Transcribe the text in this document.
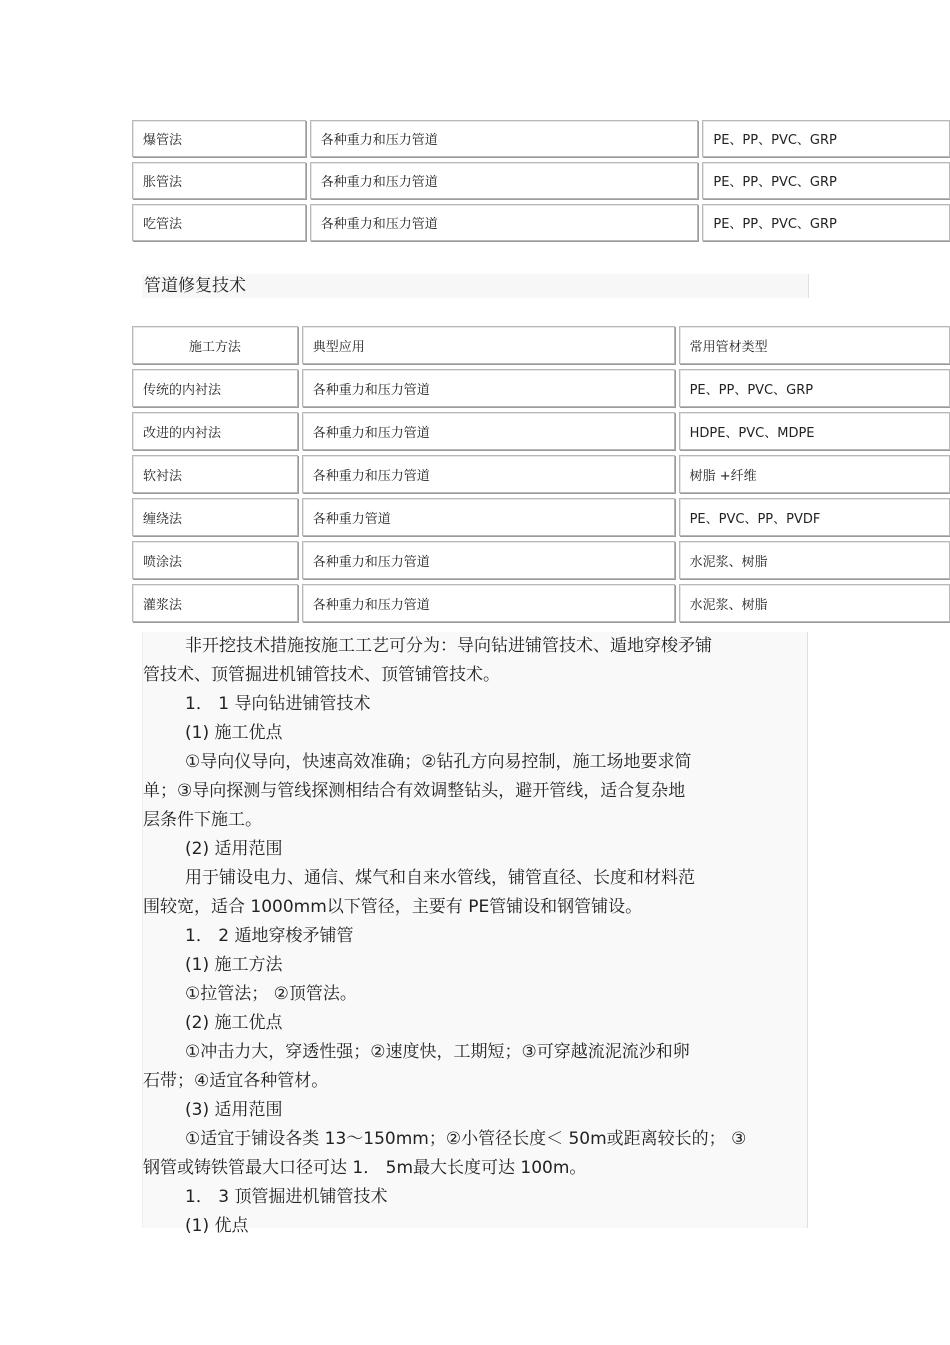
爆管法	各种重力和压力管道	PE、PP、PVC、GRP
胀管法	各种重力和压力管道	PE、PP、PVC、GRP
吃管法	各种重力和压力管道	PE、PP、PVC、GRP
管道修复技术
施工方法	典型应用	常用管材类型
传统的内衬法	各种重力和压力管道	PE、PP、PVC、GRP
改进的内衬法	各种重力和压力管道	HDPE、PVC、MDPE
软衬法	各种重力和压力管道	树脂 +纤维
缠绕法	各种重力管道	PE、PVC、PP、PVDF
喷涂法	各种重力和压力管道	水泥浆、树脂
灌浆法	各种重力和压力管道	水泥浆、树脂

非开挖技术措施按施工工艺可分为：导向钻进铺管技术、遁地穿梭矛铺

管技术、顶管掘进机铺管技术、顶管铺管技术。

1． 1 导向钻进铺管技术

(1) 施工优点

①导向仪导向，快速高效准确；②钻孔方向易控制，施工场地要求简

单；③导向探测与管线探测相结合有效调整钻头，避开管线，适合复杂地

层条件下施工。

(2) 适用范围

用于铺设电力、通信、煤气和自来水管线，铺管直径、长度和材料范

围较宽，适合 1000mm以下管径，主要有 PE管铺设和钢管铺设。

1． 2 遁地穿梭矛铺管

(1) 施工方法

①拉管法； ②顶管法。

(2) 施工优点

①冲击力大，穿透性强；②速度快，工期短；③可穿越流泥流沙和卵

石带；④适宜各种管材。

(3) 适用范围

①适宜于铺设各类 13～150mm；②小管径长度＜ 50m或距离较长的； ③

钢管或铸铁管最大口径可达 1． 5m最大长度可达 100m。

1． 3 顶管掘进机铺管技术

(1) 优点
